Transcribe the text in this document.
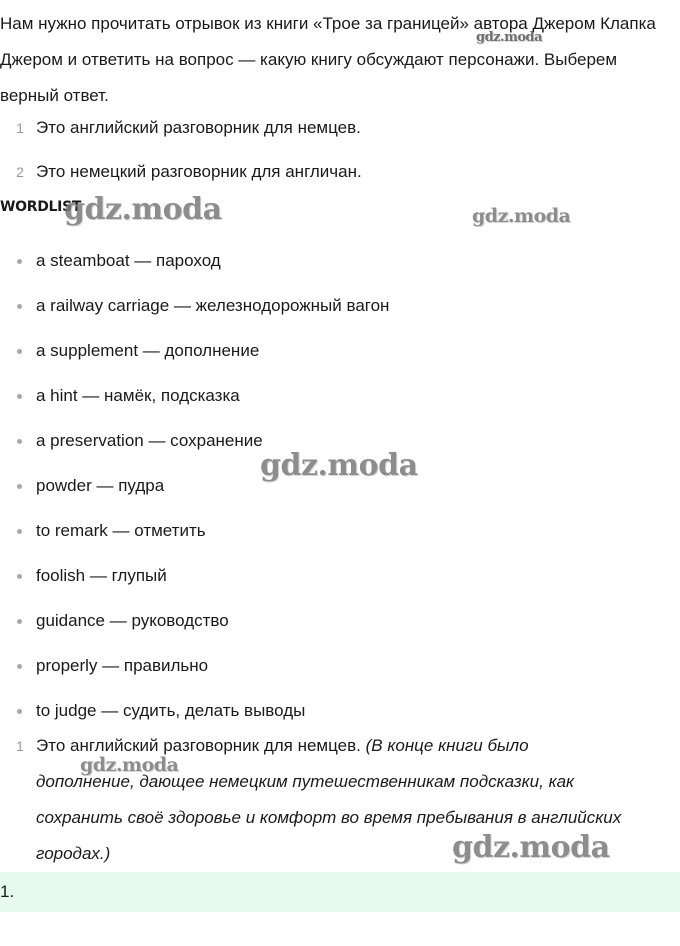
Нам нужно прочитать отрывок из книги «Трое за границей» автора Джером Клапка Джером и ответить на вопрос — какую книгу обсуждают персонажи. Выберем верный ответ.

1 Это английский разговорник для немцев.
2 Это немецкий разговорник для англичан.
WORDLIST
a steamboat — пароход
a railway carriage — железнодорожный вагон
a supplement — дополнение
a hint — намёк, подсказка
a preservation — сохранение
powder — пудра
to remark — отметить
foolish — глупый
guidance — руководство
properly — правильно
to judge — судить, делать выводы
1 Это английский разговорник для немцев. (В конце книги было
дополнение, дающее немецким путешественникам подсказки, как
сохранить своё здоровье и комфорт во время пребывания в английских
городах.)
1.
gdz.moda
gdz.moda	gdz.moda
gdz.moda
gdz.moda
gdz.moda
